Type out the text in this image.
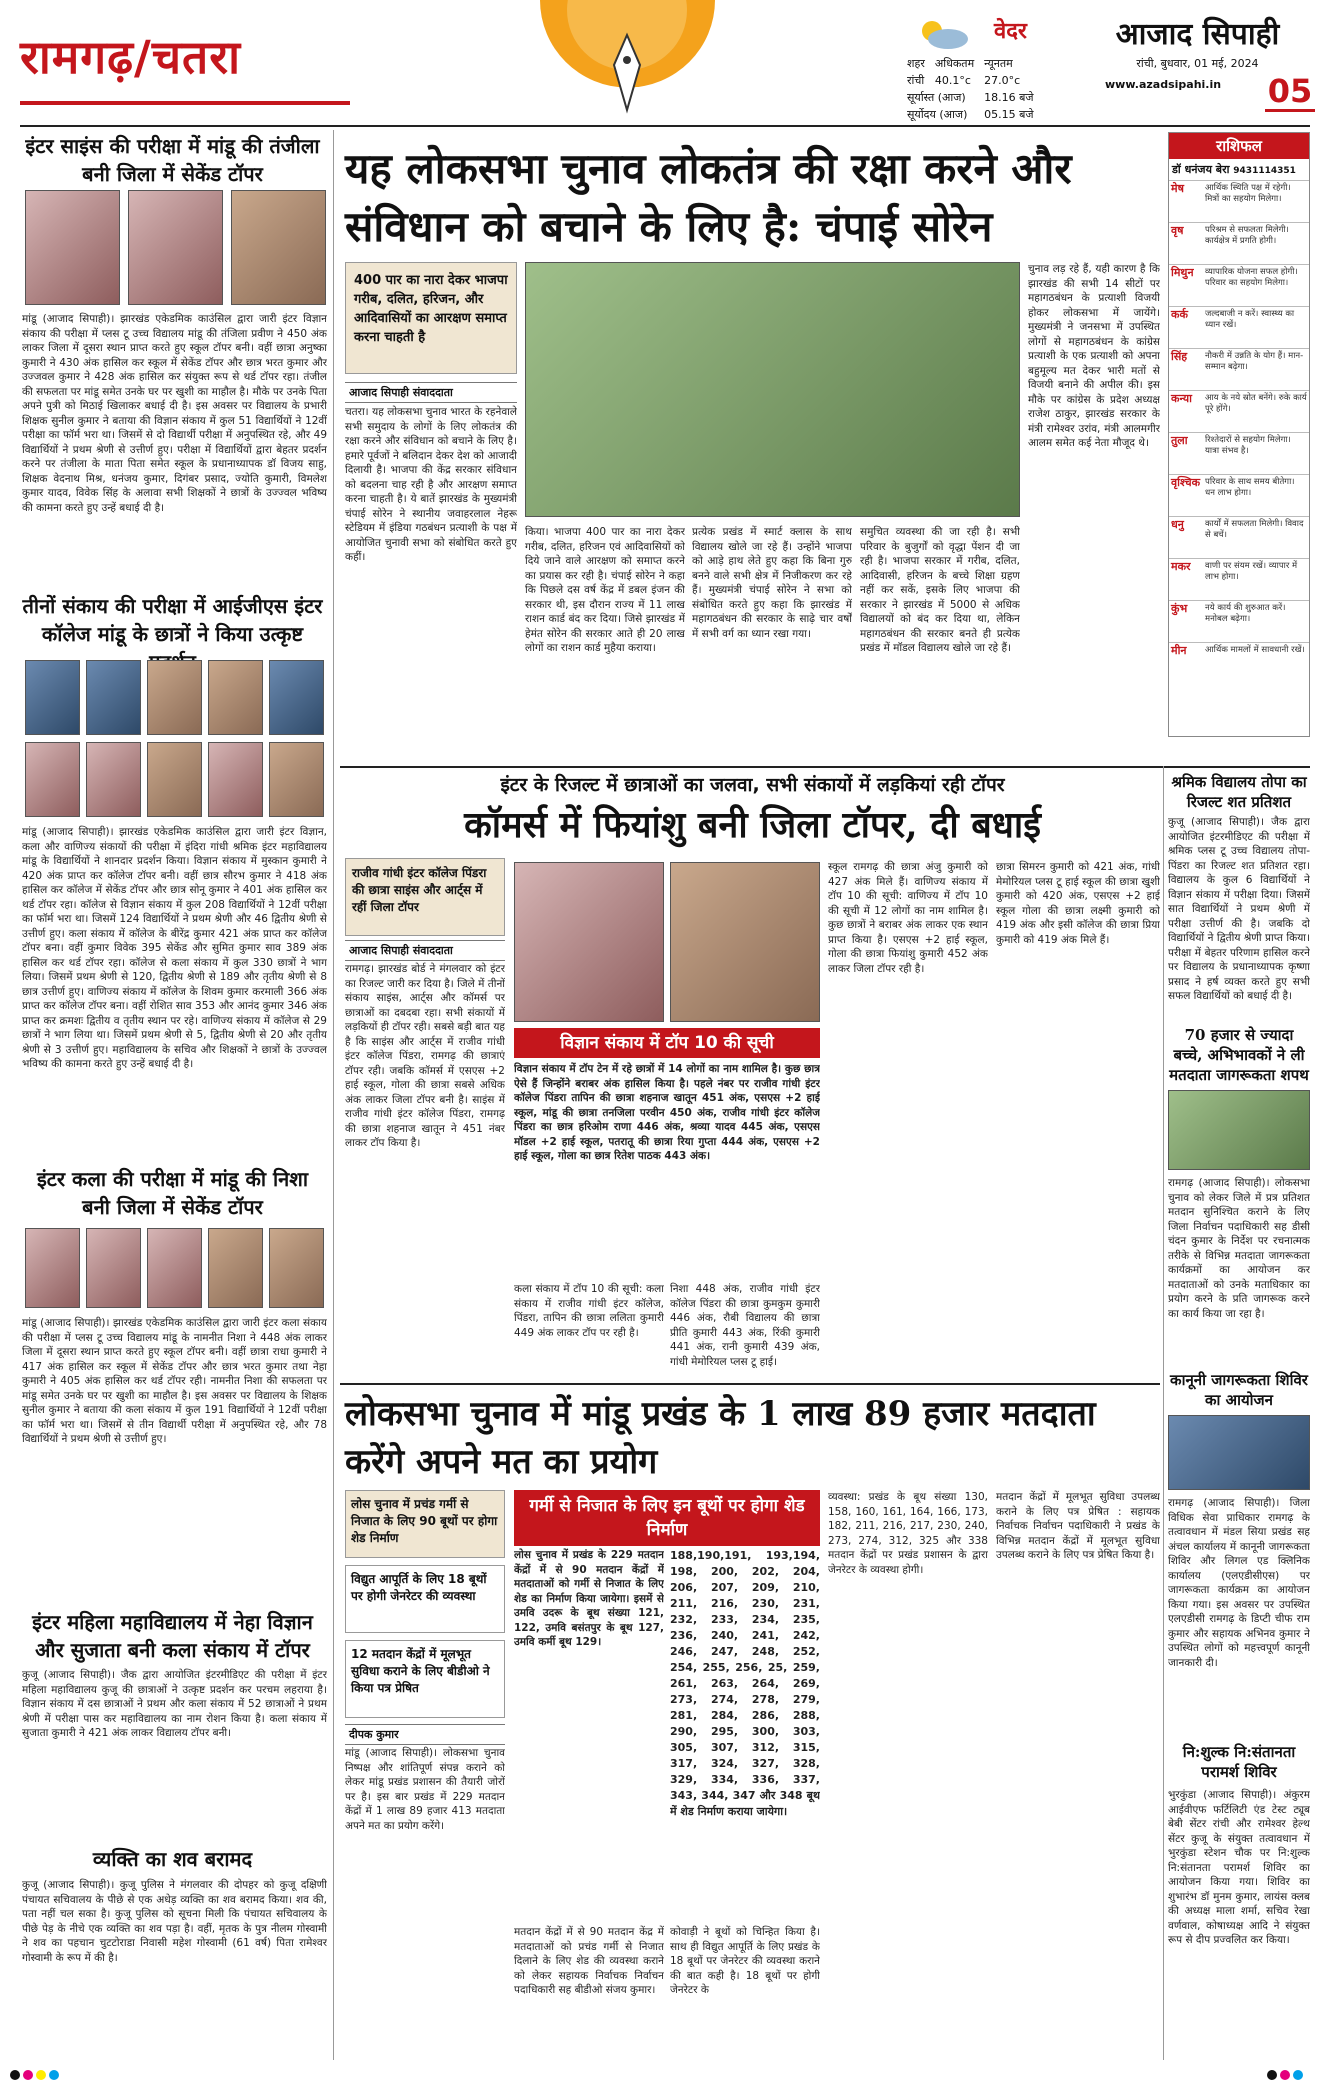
रामगढ़/चतरा	वेदर
शहर	अधिकतम	न्यूनतम
रांची	40.1°c	27.0°c
सूर्यास्त (आज)		18.16 बजे
सूर्योदय (आज)		05.15 बजे
आजाद सिपाही
रांची, बुधवार, 01 मई, 2024
www.azadsipahi.in 05
इंटर साइंस की परीक्षा में मांडू की तंजीला बनी जिला में सेकेंड टॉपर
मांडू (आजाद सिपाही)। झारखंड एकेडमिक काउंसिल द्वारा जारी इंटर विज्ञान संकाय की परीक्षा में प्लस टू उच्च विद्यालय मांडू की तंजिला प्रवीण ने 450 अंक लाकर जिला में दूसरा स्थान प्राप्त करते हुए स्कूल टॉपर बनी। वहीं छात्रा अनुष्का कुमारी ने 430 अंक हासिल कर स्कूल में सेकेंड टॉपर और छात्र भरत कुमार और उज्जवल कुमार ने 428 अंक हासिल कर संयुक्त रूप से थर्ड टॉपर रहा। तंजील की सफलता पर मांडू समेत उनके घर पर खुशी का माहौल है। मौके पर उनके पिता अपने पुत्री को मिठाई खिलाकर बधाई दी है। इस अवसर पर विद्यालय के प्रभारी शिक्षक सुनील कुमार ने बताया की विज्ञान संकाय में कुल 51 विद्यार्थियों ने 12वीं परीक्षा का फॉर्म भरा था। जिसमें से दो विद्यार्थी परीक्षा में अनुपस्थित रहे, और 49 विद्यार्थियों ने प्रथम श्रेणी से उत्तीर्ण हुए। परीक्षा में विद्यार्थियों द्वारा बेहतर प्रदर्शन करने पर तंजीला के माता पिता समेत स्कूल के प्रधानाध्यापक डॉ विजय साहु, शिक्षक वेदनाथ मिश्र, धनंजय कुमार, दिगंबर प्रसाद, ज्योति कुमारी, विमलेश कुमार यादव, विवेक सिंह के अलावा सभी शिक्षकों ने छात्रों के उज्ज्वल भविष्य की कामना करते हुए उन्हें बधाई दी है।
तीनों संकाय की परीक्षा में आईजीएस इंटर कॉलेज मांडू के छात्रों ने किया उत्कृष्ट
मांडू (आजाद सिपाही)। झारखंड एकेडमिक काउंसिल द्वारा जारी इंटर विज्ञान, कला और वाणिज्य संकायों की परीक्षा में इंदिरा गांधी श्रमिक इंटर महाविद्यालय मांडू के विद्यार्थियों ने शानदार प्रदर्शन किया। विज्ञान संकाय में मुस्कान कुमारी ने 420 अंक प्राप्त कर कॉलेज टॉपर बनी। वहीं छात्र सौरभ कुमार ने 418 अंक हासिल कर कॉलेज में सेकेंड टॉपर और छात्र सोनू कुमार ने 401 अंक हासिल कर थर्ड टॉपर रहा। कॉलेज से विज्ञान संकाय में कुल 208 विद्यार्थियों ने 12वीं परीक्षा का फॉर्म भरा था। जिसमें 124 विद्यार्थियों ने प्रथम श्रेणी और 46 द्वितीय श्रेणी से उत्तीर्ण हुए। कला संकाय में कॉलेज के बीरेंद्र कुमार 421 अंक प्राप्त कर कॉलेज टॉपर बना। वहीं कुमार विवेक 395 सेकेंड और सुमित कुमार साव 389 अंक हासिल कर थर्ड टॉपर रहा। कॉलेज से कला संकाय में कुल 330 छात्रों ने भाग लिया। जिसमें प्रथम श्रेणी से 120, द्वितीय श्रेणी से 189 और तृतीय श्रेणी से 8 छात्र उत्तीर्ण हुए। वाणिज्य संकाय में कॉलेज के शिवम कुमार करमाली 366 अंक प्राप्त कर कॉलेज टॉपर बना। वहीं रोशित साव 353 और आनंद कुमार 346 अंक प्राप्त कर क्रमशः द्वितीय व तृतीय स्थान पर रहे। वाणिज्य संकाय में कॉलेज से 29 छात्रों ने भाग लिया था। जिसमें प्रथम श्रेणी से 5, द्वितीय श्रेणी से 20 और तृतीय श्रेणी से 3 उत्तीर्ण हुए। महाविद्यालय के सचिव और शिक्षकों ने छात्रों के उज्ज्वल भविष्य की कामना करते हुए उन्हें बधाई दी है।
इंटर कला की परीक्षा में मांडू की निशा बनी जिला में सेकेंड टॉपर
मांडू (आजाद सिपाही)। झारखंड एकेडमिक काउंसिल द्वारा जारी इंटर कला संकाय की परीक्षा में प्लस टू उच्च विद्यालय मांडू के नामनीत निशा ने 448 अंक लाकर जिला में दूसरा स्थान प्राप्त करते हुए स्कूल टॉपर बनी। वहीं छात्रा राधा कुमारी ने 417 अंक हासिल कर स्कूल में सेकेंड टॉपर और छात्र भरत कुमार तथा नेहा कुमारी ने 405 अंक हासिल कर थर्ड टॉपर रही। नामनीत निशा की सफलता पर मांडू समेत उनके घर पर खुशी का माहौल है। इस अवसर पर विद्यालय के शिक्षक सुनील कुमार ने बताया की कला संकाय में कुल 191 विद्यार्थियों ने 12वीं परीक्षा का फॉर्म भरा था। जिसमें से तीन विद्यार्थी परीक्षा में अनुपस्थित रहे, और 78 विद्यार्थियों ने प्रथम श्रेणी से उत्तीर्ण हुए।
इंटर महिला महाविद्यालय में नेहा विज्ञान और सुजाता बनी कला संकाय में टॉपर
कुजू (आजाद सिपाही)। जैक द्वारा आयोजित इंटरमीडिएट की परीक्षा में इंटर महिला महाविद्यालय कुजू की छात्राओं ने उत्कृष्ट प्रदर्शन कर परचम लहराया है। विज्ञान संकाय में दस छात्राओं ने प्रथम और कला संकाय में 52 छात्राओं ने प्रथम श्रेणी में परीक्षा पास कर महाविद्यालय का नाम रोशन किया है। कला संकाय में सुजाता कुमारी ने 421 अंक लाकर विद्यालय टॉपर बनी।
व्यक्ति का शव बरामद
कुजू (आजाद सिपाही)। कुजू पुलिस ने मंगलवार की दोपहर को कुजू दक्षिणी पंचायत सचिवालय के पीछे से एक अधेड़ व्यक्ति का शव बरामद किया। शव की, पता नहीं चल सका है। कुजू पुलिस को सूचना मिली कि पंचायत सचिवालय के पीछे पेड़ के नीचे एक व्यक्ति का शव पड़ा है। वहीं, मृतक के पुत्र नीलम गोस्वामी ने शव का पहचान चुटटोराडा निवासी महेश गोस्वामी (61 वर्ष) पिता रामेश्वर गोस्वामी के रूप में की है।
यह लोकसभा चुनाव लोकतंत्र की रक्षा करने और संविधान को बचाने के लिए है: चंपाई सोरेन
400 पार का नारा देकर भाजपा गरीब, दलित, हरिजन, और आदिवासियों का आरक्षण समाप्त करना चाहती है
आजाद सिपाही संवाददाता
चतरा। यह लोकसभा चुनाव भारत के रहनेवाले सभी समुदाय के लोगों के लिए लोकतंत्र की रक्षा करने और संविधान को बचाने के लिए है। हमारे पूर्वजों ने बलिदान देकर देश को आजादी दिलायी है। भाजपा की केंद्र सरकार संविधान को बदलना चाह रही है और आरक्षण समाप्त करना चाहती है। ये बातें झारखंड के मुख्यमंत्री चंपाई सोरेन ने स्थानीय जवाहरलाल नेहरू स्टेडियम में इंडिया गठबंधन प्रत्याशी के पक्ष में आयोजित चुनावी सभा को संबोधित करते हुए कहीं।
किया। भाजपा 400 पार का नारा देकर गरीब, दलित, हरिजन एवं आदिवासियों को दिये जाने वाले आरक्षण को समाप्त करने का प्रयास कर रही है। चंपाई सोरेन ने कहा कि पिछले दस वर्ष केंद्र में डबल इंजन की सरकार थी, इस दौरान राज्य में 11 लाख राशन कार्ड बंद कर दिया। जिसे झारखंड में हेमंत सोरेन की सरकार आते ही 20 लाख लोगों का राशन कार्ड मुहैया कराया।
प्रत्येक प्रखंड में स्मार्ट क्लास के साथ विद्यालय खोले जा रहे हैं। उन्होंने भाजपा को आड़े हाथ लेते हुए कहा कि बिना गुरु बनने वाले सभी क्षेत्र में निजीकरण कर रहे हैं। मुख्यमंत्री चंपाई सोरेन ने सभा को संबोधित करते हुए कहा कि झारखंड में महागठबंधन की सरकार के साढ़े चार वर्षों में सभी वर्ग का ध्यान रखा गया।
समुचित व्यवस्था की जा रही है। सभी परिवार के बुजुर्गों को वृद्धा पेंशन दी जा रही है। भाजपा सरकार में गरीब, दलित, आदिवासी, हरिजन के बच्चे शिक्षा ग्रहण नहीं कर सकें, इसके लिए भाजपा की सरकार ने झारखंड में 5000 से अधिक विद्यालयों को बंद कर दिया था, लेकिन महागठबंधन की सरकार बनते ही प्रत्येक प्रखंड में मॉडल विद्यालय खोले जा रहे हैं।
चुनाव लड़ रहे हैं, यही कारण है कि झारखंड की सभी 14 सीटों पर महागठबंधन के प्रत्याशी विजयी होकर लोकसभा में जायेंगे। मुख्यमंत्री ने जनसभा में उपस्थित लोगों से महागठबंधन के कांग्रेस प्रत्याशी के एक प्रत्याशी को अपना बहुमूल्य मत देकर भारी मतों से विजयी बनाने की अपील की। इस मौके पर कांग्रेस के प्रदेश अध्यक्ष राजेश ठाकुर, झारखंड सरकार के मंत्री रामेश्वर उरांव, मंत्री आलमगीर आलम समेत कई नेता मौजूद थे।
राशिफल
डॉ धनंजय बेरा 9431114351
मेष	आर्थिक स्थिति पक्ष में रहेगी। मित्रों का सहयोग मिलेगा।
वृष	परिश्रम से सफलता मिलेगी। कार्यक्षेत्र में प्रगति होगी।
मिथुन	व्यापारिक योजना सफल होगी। परिवार का सहयोग मिलेगा।
कर्क	जल्दबाजी न करें। स्वास्थ्य का ध्यान रखें।
सिंह	नौकरी में उन्नति के योग हैं। मान-सम्मान बढ़ेगा।
कन्या	आय के नये स्रोत बनेंगे। रुके कार्य पूरे होंगे।
तुला	रिश्तेदारों से सहयोग मिलेगा। यात्रा संभव है।
वृश्चिक परिवार के साथ समय बीतेगा। धन लाभ होगा।
धनु	कार्यों में सफलता मिलेगी। विवाद से बचें।
मकर	वाणी पर संयम रखें। व्यापार में लाभ होगा।
कुंभ	नये कार्य की शुरुआत करें। मनोबल बढ़ेगा।
मीन	आर्थिक मामलों में सावधानी रखें।
इंटर के रिजल्ट में छात्राओं का जलवा, सभी संकायों में लड़कियां रही टॉपर
कॉमर्स में फियांशु बनी जिला टॉपर, दी बधाई
राजीव गांधी इंटर कॉलेज पिंडरा की छात्रा साइंस और आर्ट्स में रहीं जिला टॉपर
आजाद सिपाही संवाददाता
रामगढ़। झारखंड बोर्ड ने मंगलवार को इंटर का रिजल्ट जारी कर दिया है। जिले में तीनों संकाय साइंस, आर्ट्स और कॉमर्स पर छात्राओं का दबदबा रहा। सभी संकायों में लड़कियों ही टॉपर रही। सबसे बड़ी बात यह है कि साइंस और आर्ट्स में राजीव गांधी इंटर कॉलेज पिंडरा, रामगढ़ की छात्राएं टॉपर रही। जबकि कॉमर्स में एसएस +2 हाई स्कूल, गोला की छात्रा सबसे अधिक अंक लाकर जिला टॉपर बनी है। साइंस में राजीव गांधी इंटर कॉलेज पिंडरा, रामगढ़ की छात्रा शहनाज खातून ने 451 नंबर लाकर टॉप किया है।
स्कूल रामगढ़ की छात्रा अंजु कुमारी को 427 अंक मिले हैं। वाणिज्य संकाय में टॉप 10 की सूची: वाणिज्य में टॉप 10 की सूची में 12 लोगों का नाम शामिल है। कुछ छात्रों ने बराबर अंक लाकर एक स्थान प्राप्त किया है। एसएस +2 हाई स्कूल, गोला की छात्रा फियांशु कुमारी 452 अंक लाकर जिला टॉपर रही है।
विज्ञान संकाय में टॉप 10 की सूची
विज्ञान संकाय में टॉप टेन में रहे छात्रों में 14 लोगों का नाम शामिल है। कुछ छात्र ऐसे हैं जिन्होंने बराबर अंक हासिल किया है। पहले नंबर पर राजीव गांधी इंटर कॉलेज पिंडरा तापिन की छात्रा शहनाज खातून 451 अंक, एसएस +2 हाई स्कूल, मांडू की छात्रा तनजिला परवीन 450 अंक, राजीव गांधी इंटर कॉलेज पिंडरा का छात्र हरिओम राणा 446 अंक, श्रव्या यादव 445 अंक, एसएस मॉडल +2 हाई स्कूल, पतरातू की छात्रा रिया गुप्ता 444 अंक, एसएस +2 हाई स्कूल, गोला का छात्र रितेश पाठक 443 अंक।
कला संकाय में टॉप 10 की सूची: कला संकाय में राजीव गांधी इंटर कॉलेज, पिंडरा, तापिन की छात्रा ललिता कुमारी 449 अंक लाकर टॉप पर रही है।
निशा 448 अंक, राजीव गांधी इंटर कॉलेज पिंडरा की छात्रा कुमकुम कुमारी 446 अंक, रौबी विद्यालय की छात्रा प्रीति कुमारी 443 अंक, रिंकी कुमारी 441 अंक, रानी कुमारी 439 अंक, गांधी मेमोरियल प्लस टू हाई।
छात्रा सिमरन कुमारी को 421 अंक, गांधी मेमोरियल प्लस टू हाई स्कूल की छात्रा खुशी कुमारी को 420 अंक, एसएस +2 हाई स्कूल गोला की छात्रा लक्ष्मी कुमारी को 419 अंक और इसी कॉलेज की छात्रा प्रिया कुमारी को 419 अंक मिले हैं।
लोकसभा चुनाव में मांडू प्रखंड के 1 लाख 89 हजार मतदाता करेंगे अपने मत का प्रयोग
लोस चुनाव में प्रचंड गर्मी से निजात के लिए 90 बूथों पर होगा शेड निर्माण
विद्युत आपूर्ति के लिए 18 बूथों पर होगी जेनरेटर की व्यवस्था
12 मतदान केंद्रों में मूलभूत सुविधा कराने के लिए बीडीओ ने किया पत्र प्रेषित
दीपक कुमार
मांडू (आजाद सिपाही)। लोकसभा चुनाव निष्पक्ष और शांतिपूर्ण संपन्न कराने को लेकर मांडू प्रखंड प्रशासन की तैयारी जोरों पर है। इस बार प्रखंड में 229 मतदान केंद्रों में 1 लाख 89 हजार 413 मतदाता अपने मत का प्रयोग करेंगे।
गर्मी से निजात के लिए इन बूथों पर होगा शेड निर्माण
लोस चुनाव में प्रखंड के 229 मतदान केंद्रों में से 90 मतदान केंद्रों में मतदाताओं को गर्मी से निजात के लिए शेड का निर्माण किया जायेगा। इसमें से उमवि उदरू के बूथ संख्या 121, 122, उमवि बसंतपुर के बूथ 127, उमवि कर्मी बूथ 129।
188,190,191, 193,194, 198, 200, 202, 204, 206, 207, 209, 210, 211, 216, 230, 231, 232, 233, 234, 235, 236, 240, 241, 242, 246, 247, 248, 252, 254, 255, 256, 25, 259, 261, 263, 264, 269, 273, 274, 278, 279, 281, 284, 286, 288, 290, 295, 300, 303, 305, 307, 312, 315, 317, 324, 327, 328, 329, 334, 336, 337, 343, 344, 347 और 348 बूथ में शेड निर्माण कराया जायेगा।
मतदान केंद्रों में से 90 मतदान केंद्र में मतदाताओं को प्रचंड गर्मी से निजात दिलाने के लिए शेड की व्यवस्था कराने को लेकर सहायक निर्वाचक निर्वाचन पदाधिकारी सह बीडीओ संजय कुमार।
कोवाड़ी ने बूथों को चिन्हित किया है। साथ ही विद्युत आपूर्ति के लिए प्रखंड के 18 बूथों पर जेनरेटर की व्यवस्था कराने की बात कही है। 18 बूथों पर होगी जेनरेटर के
व्यवस्था: प्रखंड के बूथ संख्या 130, 158, 160, 161, 164, 166, 173, 182, 211, 216, 217, 230, 240, 273, 274, 312, 325 और 338 मतदान केंद्रों पर प्रखंड प्रशासन के द्वारा जेनरेटर के व्यवस्था होगी।
मतदान केंद्रों में मूलभूत सुविधा उपलब्ध कराने के लिए पत्र प्रेषित : सहायक निर्वाचक निर्वाचन पदाधिकारी ने प्रखंड के विभिन्न मतदान केंद्रों में मूलभूत सुविधा उपलब्ध कराने के लिए पत्र प्रेषित किया है।
श्रमिक विद्यालय तोपा का रिजल्ट शत प्रतिशत
कुजू (आजाद सिपाही)। जैक द्वारा आयोजित इंटरमीडिएट की परीक्षा में श्रमिक प्लस टू उच्च विद्यालय तोपा-पिंडरा का रिजल्ट शत प्रतिशत रहा। विद्यालय के कुल 6 विद्यार्थियों ने विज्ञान संकाय में परीक्षा दिया। जिसमें सात विद्यार्थियों ने प्रथम श्रेणी में परीक्षा उत्तीर्ण की है। जबकि दो विद्यार्थियों ने द्वितीय श्रेणी प्राप्त किया। परीक्षा में बेहतर परिणाम हासिल करने पर विद्यालय के प्रधानाध्यापक कृष्णा प्रसाद ने हर्ष व्यक्त करते हुए सभी सफल विद्यार्थियों को बधाई दी है।
70 हजार से ज्यादा बच्चे, अभिभावकों ने ली मतदाता जागरूकता शपथ
रामगढ़ (आजाद सिपाही)। लोकसभा चुनाव को लेकर जिले में प्रत्र प्रतिशत मतदान सुनिश्चित कराने के लिए जिला निर्वाचन पदाधिकारी सह डीसी चंदन कुमार के निर्देश पर रचनात्मक तरीके से विभिन्न मतदाता जागरूकता कार्यक्रमों का आयोजन कर मतदाताओं को उनके मताधिकार का प्रयोग करने के प्रति जागरूक करने का कार्य किया जा रहा है।
कानूनी जागरूकता शिविर का आयोजन
रामगढ़ (आजाद सिपाही)। जिला विधिक सेवा प्राधिकार रामगढ़ के तत्वावधान में मंडल सिया प्रखंड सह अंचल कार्यालय में कानूनी जागरूकता शिविर और लिगल एड क्लिनिक कार्यालय (एलएडीसीएस) पर जागरूकता कार्यक्रम का आयोजन किया गया। इस अवसर पर उपस्थित एलएडीसी रामगढ़ के डिप्टी चीफ राम कुमार और सहायक अभिनव कुमार ने उपस्थित लोगों को महत्त्वपूर्ण कानूनी जानकारी दी।
नि:शुल्क नि:संतानता परामर्श शिविर
भुरकुंडा (आजाद सिपाही)। अंकुरम आईवीएफ फर्टिलिटी एंड टेस्ट ट्यूब बेबी सेंटर रांची और रामेश्वर हेल्थ सेंटर कुजू के संयुक्त तत्वावधान में भुरकुंडा स्टेशन चौक पर नि:शुल्क नि:संतानता परामर्श शिविर का आयोजन किया गया। शिविर का शुभारंभ डॉ मुनम कुमार, लायंस क्लब की अध्यक्ष माला शर्मा, सचिव रेखा वर्णवाल, कोषाध्यक्ष आदि ने संयुक्त रूप से दीप प्रज्वलित कर किया।
